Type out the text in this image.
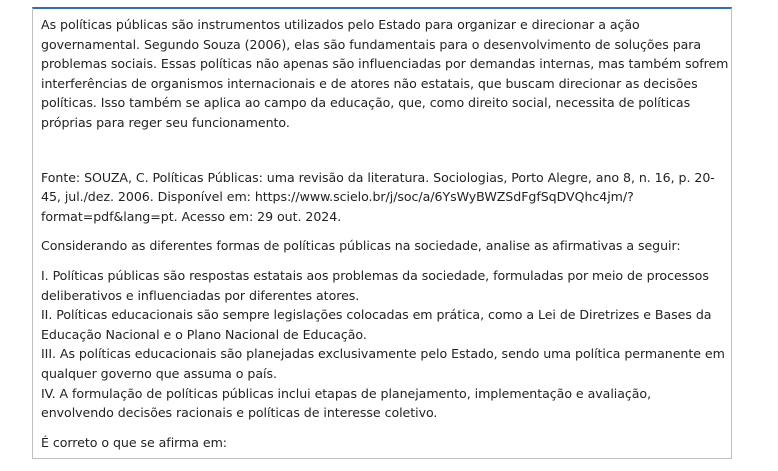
As políticas públicas são instrumentos utilizados pelo Estado para organizar e direcionar a ação
governamental. Segundo Souza (2006), elas são fundamentais para o desenvolvimento de soluções para
problemas sociais. Essas políticas não apenas são influenciadas por demandas internas, mas também sofrem
interferências de organismos internacionais e de atores não estatais, que buscam direcionar as decisões
políticas. Isso também se aplica ao campo da educação, que, como direito social, necessita de políticas
próprias para reger seu funcionamento.
Fonte: SOUZA, C. Políticas Públicas: uma revisão da literatura. Sociologias, Porto Alegre, ano 8, n. 16, p. 20-
45, jul./dez. 2006. Disponível em: https://www.scielo.br/j/soc/a/6YsWyBWZSdFgfSqDVQhc4jm/?
format=pdf&lang=pt. Acesso em: 29 out. 2024.
Considerando as diferentes formas de políticas públicas na sociedade, analise as afirmativas a seguir:
I. Políticas públicas são respostas estatais aos problemas da sociedade, formuladas por meio de processos
deliberativos e influenciadas por diferentes atores.
II. Políticas educacionais são sempre legislações colocadas em prática, como a Lei de Diretrizes e Bases da
Educação Nacional e o Plano Nacional de Educação.
III. As políticas educacionais são planejadas exclusivamente pelo Estado, sendo uma política permanente em
qualquer governo que assuma o país.
IV. A formulação de políticas públicas inclui etapas de planejamento, implementação e avaliação,
envolvendo decisões racionais e políticas de interesse coletivo.
É correto o que se afirma em:
